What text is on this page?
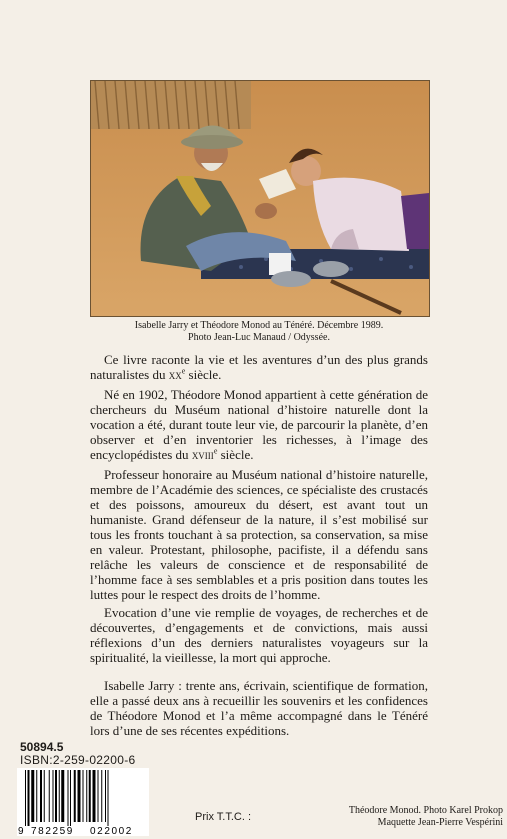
Isabelle Jarry et Théodore Monod au Ténéré. Décembre 1989.
Photo Jean-Luc Manaud / Odyssée.

Ce livre raconte la vie et les aventures d’un des plus grands naturalistes du XXe siècle.

Né en 1902, Théodore Monod appartient à cette génération de chercheurs du Muséum national d’histoire naturelle dont la vocation a été, durant toute leur vie, de parcourir la planète, d’en observer et d’en inventorier les richesses, à l’image des encyclopédistes du XVIIIe siècle.

Professeur honoraire au Muséum national d’histoire naturelle, membre de l’Académie des sciences, ce spécialiste des crustacés et des poissons, amoureux du désert, est avant tout un humaniste. Grand défenseur de la nature, il s’est mobilisé sur tous les fronts touchant à sa protection, sa conservation, sa mise en valeur. Protestant, philosophe, pacifiste, il a défendu sans relâche les valeurs de conscience et de responsabilité de l’homme face à ses semblables et a pris position dans toutes les luttes pour le respect des droits de l’homme.

Evocation d’une vie remplie de voyages, de recherches et de découvertes, d’engagements et de convictions, mais aussi réflexions d’un des derniers naturalistes voyageurs sur la spiritualité, la vieillesse, la mort qui approche.

Isabelle Jarry : trente ans, écrivain, scientifique de formation, elle a passé deux ans à recueillir les souvenirs et les confidences de Théodore Monod et l’a même accompagné dans le Ténéré lors d’une de ses récentes expéditions.

50894.5
ISBN:2-259-02200-6
9 782259 022002
Prix T.T.C. :
Théodore Monod. Photo Karel Prokop
Maquette Jean-Pierre Vespérini
